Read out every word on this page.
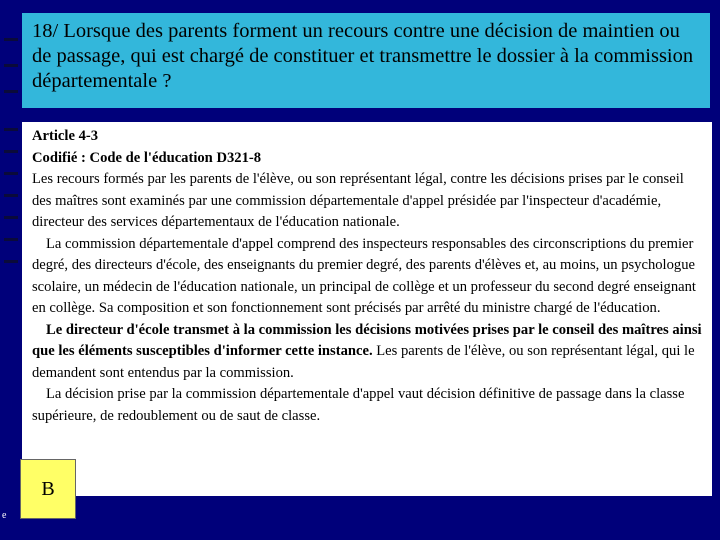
18/ Lorsque des parents forment un recours contre une décision de maintien ou de passage, qui est chargé de constituer et transmettre le dossier à la commission départementale ?

Article 4-3

Codifié : Code de l'éducation D321-8

Les recours formés par les parents de l'élève, ou son représentant légal, contre les décisions prises par le conseil des maîtres sont examinés par une commission départementale d'appel présidée par l'inspecteur d'académie, directeur des services départementaux de l'éducation nationale.

La commission départementale d'appel comprend des inspecteurs responsables des circonscriptions du premier degré, des directeurs d'école, des enseignants du premier degré, des parents d'élèves et, au moins, un psychologue scolaire, un médecin de l'éducation nationale, un principal de collège et un professeur du second degré enseignant en collège. Sa composition et son fonctionnement sont précisés par arrêté du ministre chargé de l'éducation.

Le directeur d'école transmet à la commission les décisions motivées prises par le conseil des maîtres ainsi que les éléments susceptibles d'informer cette instance. Les parents de l'élève, ou son représentant légal, qui le demandent sont entendus par la commission.

La décision prise par la commission départementale d'appel vaut décision définitive de passage dans la classe supérieure, de redoublement ou de saut de classe.

B
e
